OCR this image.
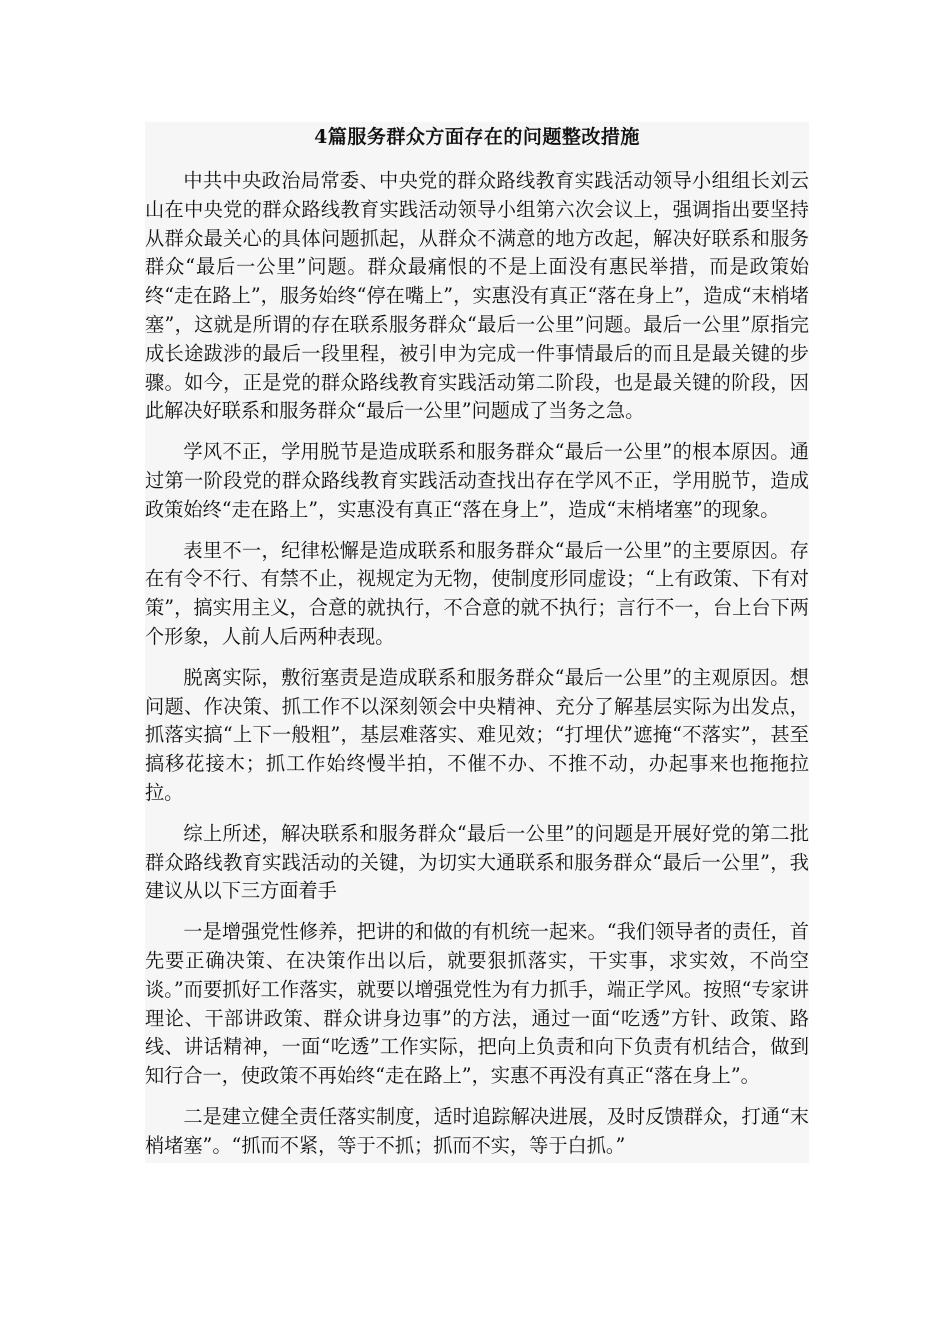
4篇服务群众方面存在的问题整改措施

中共中央政治局常委、中央党的群众路线教育实践活动领导小组组长刘云山在中央党的群众路线教育实践活动领导小组第六次会议上，强调指出要坚持从群众最关心的具体问题抓起，从群众不满意的地方改起，解决好联系和服务群众“最后一公里”问题。群众最痛恨的不是上面没有惠民举措，而是政策始终“走在路上”，服务始终“停在嘴上”，实惠没有真正“落在身上”，造成“末梢堵塞”，这就是所谓的存在联系服务群众“最后一公里”问题。最后一公里”原指完成长途跋涉的最后一段里程，被引申为完成一件事情最后的而且是最关键的步骤。如今，正是党的群众路线教育实践活动第二阶段，也是最关键的阶段，因此解决好联系和服务群众“最后一公里”问题成了当务之急。

学风不正，学用脱节是造成联系和服务群众“最后一公里”的根本原因。通过第一阶段党的群众路线教育实践活动查找出存在学风不正，学用脱节，造成政策始终“走在路上”，实惠没有真正“落在身上”，造成“末梢堵塞”的现象。

表里不一，纪律松懈是造成联系和服务群众“最后一公里”的主要原因。存在有令不行、有禁不止，视规定为无物，使制度形同虚设；“上有政策、下有对策”，搞实用主义，合意的就执行，不合意的就不执行；言行不一，台上台下两个形象，人前人后两种表现。

脱离实际，敷衍塞责是造成联系和服务群众“最后一公里”的主观原因。想问题、作决策、抓工作不以深刻领会中央精神、充分了解基层实际为出发点，抓落实搞“上下一般粗”，基层难落实、难见效；“打埋伏”遮掩“不落实”，甚至搞移花接木；抓工作始终慢半拍，不催不办、不推不动，办起事来也拖拖拉拉。

综上所述，解决联系和服务群众“最后一公里”的问题是开展好党的第二批群众路线教育实践活动的关键，为切实大通联系和服务群众“最后一公里”，我建议从以下三方面着手

一是增强党性修养，把讲的和做的有机统一起来。“我们领导者的责任，首先要正确决策、在决策作出以后，就要狠抓落实，干实事，求实效，不尚空谈。”而要抓好工作落实，就要以增强党性为有力抓手，端正学风。按照“专家讲理论、干部讲政策、群众讲身边事”的方法，通过一面“吃透”方针、政策、路线、讲话精神，一面“吃透”工作实际，把向上负责和向下负责有机结合，做到知行合一，使政策不再始终“走在路上”，实惠不再没有真正“落在身上”。

二是建立健全责任落实制度，适时追踪解决进展，及时反馈群众，打通“末梢堵塞”。“抓而不紧，等于不抓；抓而不实，等于白抓。”
